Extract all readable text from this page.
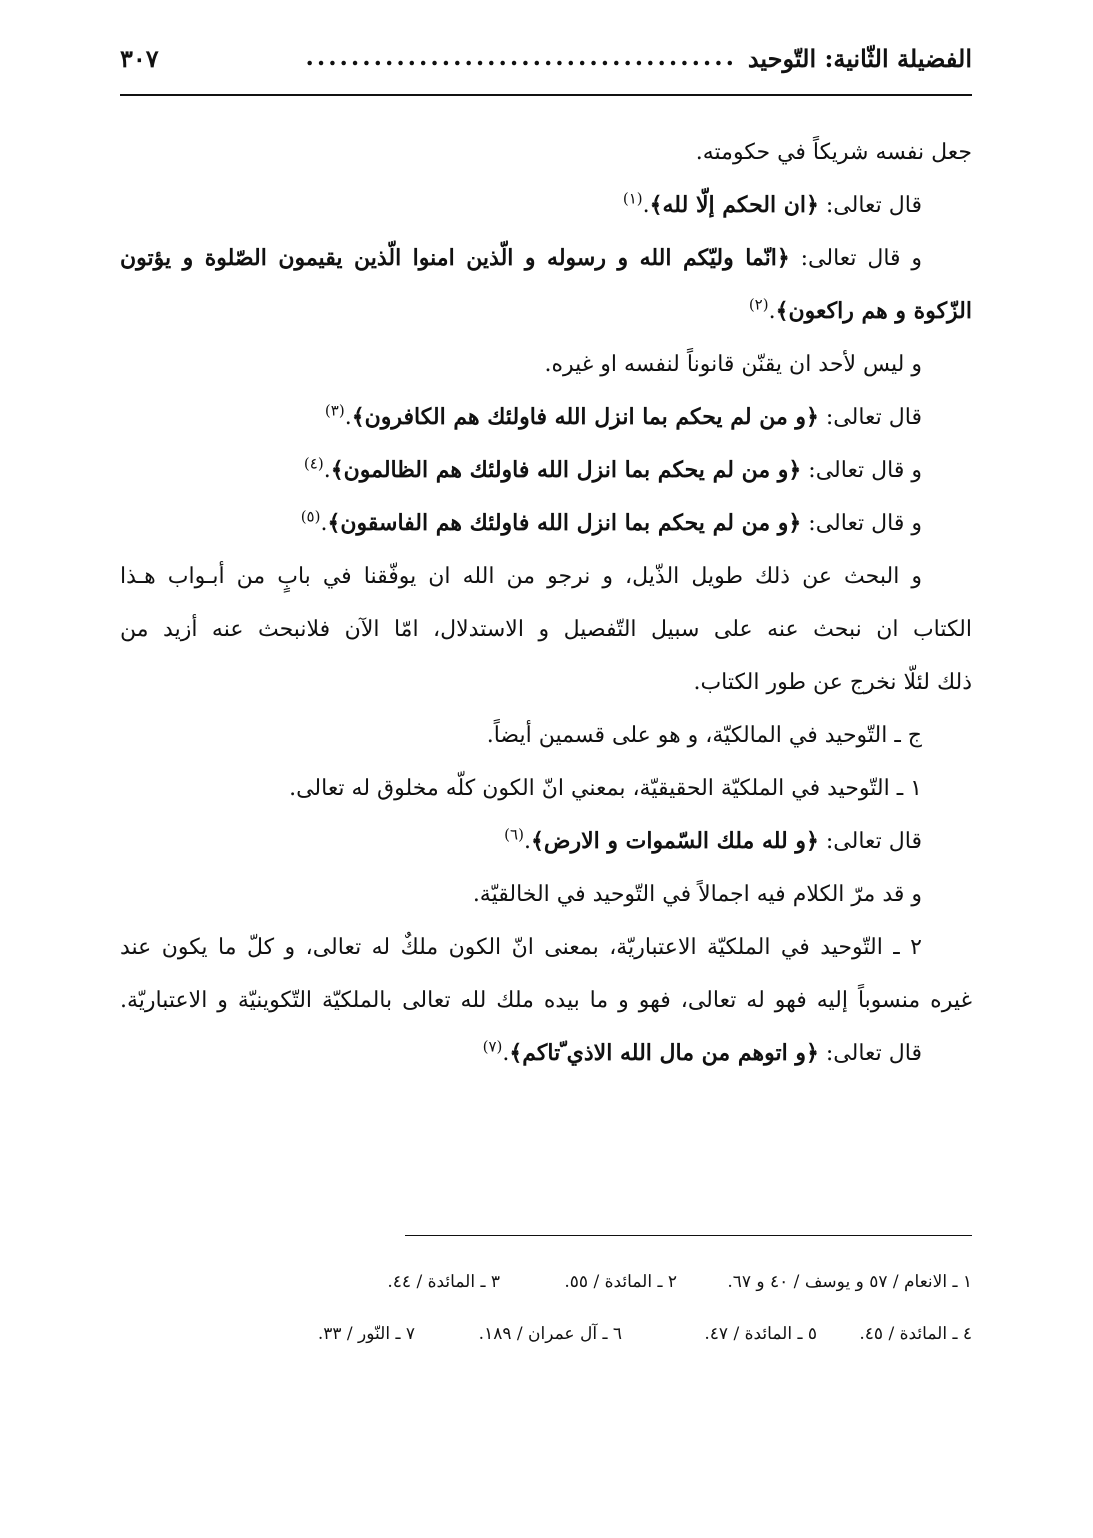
الفضيلة الثّانية: التّوحيد
......................................
٣٠٧
جعل نفسه شريكاً في حكومته.
قال تعالى: ﴿ان الحكم إلّا لله﴾.$^{(١)}$
و قال تعالى: ﴿انّما وليّكم الله و رسوله و الّذين امنوا الّذين يقيمون الصّلوة و يؤتون
الزّكوة و هم راكعون﴾.$^{(٢)}$
و ليس لأحد ان يقنّن قانوناً لنفسه او غيره.
قال تعالى: ﴿و من لم يحكم بما انزل الله فاولئك هم الكافرون﴾.$^{(٣)}$
و قال تعالى: ﴿و من لم يحكم بما انزل الله فاولئك هم الظالمون﴾.$^{(٤)}$
و قال تعالى: ﴿و من لم يحكم بما انزل الله فاولئك هم الفاسقون﴾.$^{(٥)}$
و البحث عن ذلك طويل الذّيل، و نرجو من الله ان يوفّقنا في بابٍ من أبـواب هـذا
الكتاب ان نبحث عنه على سبيل التّفصيل و الاستدلال، امّا الآن فلانبحث عنه أزيد من
ذلك لئلّا نخرج عن طور الكتاب.
ج ـ التّوحيد في المالكيّة، و هو على قسمين أيضاً.
١ ـ التّوحيد في الملكيّة الحقيقيّة، بمعني انّ الكون كلّه مخلوق له تعالى.
قال تعالى: ﴿و لله ملك السّموات و الارض﴾.$^{(٦)}$
و قد مرّ الكلام فيه اجمالاً في التّوحيد في الخالقيّة.
٢ ـ التّوحيد في الملكيّة الاعتباريّة، بمعنى انّ الكون ملكٌ له تعالى، و كلّ ما يكون عند
غيره منسوباً إليه فهو له تعالى، فهو و ما بيده ملك لله تعالى بالملكيّة التّكوينيّة و الاعتباريّة.
قال تعالى: ﴿و اتوهم من مال الله الاذي ّتاكم﴾.$^{(٧)}$
١ ـ الانعام / ٥٧ و يوسف / ٤٠ و ٦٧.
٢ ـ المائدة / ٥٥.
٣ ـ المائدة / ٤٤.
٤ ـ المائدة / ٤٥.
٥ ـ المائدة / ٤٧.
٦ ـ آل عمران / ١٨٩.
٧ ـ النّور / ٣٣.
